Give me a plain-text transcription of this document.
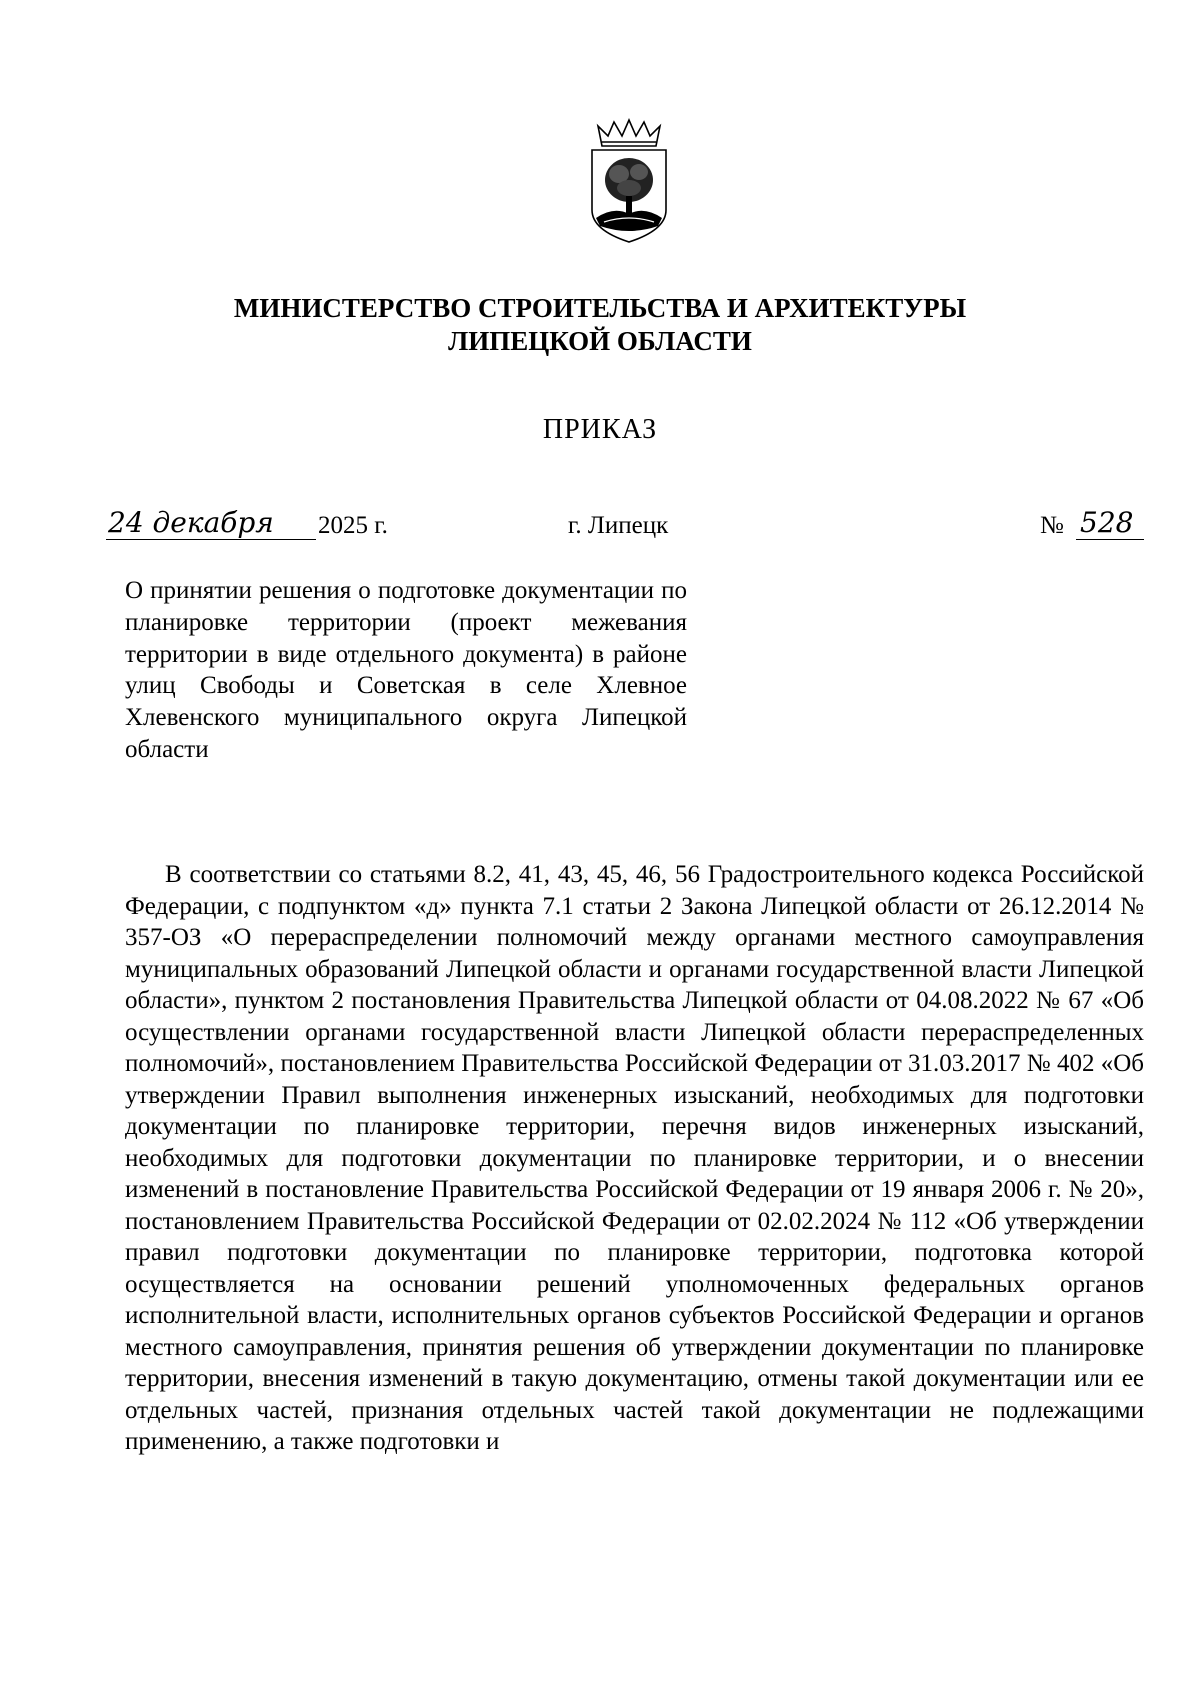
МИНИСТЕРСТВО СТРОИТЕЛЬСТВА И АРХИТЕКТУРЫ
ЛИПЕЦКОЙ ОБЛАСТИ
ПРИКАЗ
24 декабря 2025 г.	г. Липецк	№ 528
О принятии решения о подготовке документации по планировке территории (проект межевания территории в виде отдельного документа) в районе улиц Свободы и Советская в селе Хлевное Хлевенского муниципального округа Липецкой области
В соответствии со статьями 8.2, 41, 43, 45, 46, 56 Градостроительного кодекса Российской Федерации, с подпунктом «д» пункта 7.1 статьи 2 Закона Липецкой области от 26.12.2014 № 357-ОЗ «О перераспределении полномочий между органами местного самоуправления муниципальных образований Липецкой области и органами государственной власти Липецкой области», пунктом 2 постановления Правительства Липецкой области от 04.08.2022 № 67 «Об осуществлении органами государственной власти Липецкой области перераспределенных полномочий», постановлением Правительства Российской Федерации от 31.03.2017 № 402 «Об утверждении Правил выполнения инженерных изысканий, необходимых для подготовки документации по планировке территории, перечня видов инженерных изысканий, необходимых для подготовки документации по планировке территории, и о внесении изменений в постановление Правительства Российской Федерации от 19 января 2006 г. № 20», постановлением Правительства Российской Федерации от 02.02.2024 № 112 «Об утверждении правил подготовки документации по планировке территории, подготовка которой осуществляется на основании решений уполномоченных федеральных органов исполнительной власти, исполнительных органов субъектов Российской Федерации и органов местного самоуправления, принятия решения об утверждении документации по планировке территории, внесения изменений в такую документацию, отмены такой документации или ее отдельных частей, признания отдельных частей такой документации не подлежащими применению, а также подготовки и
